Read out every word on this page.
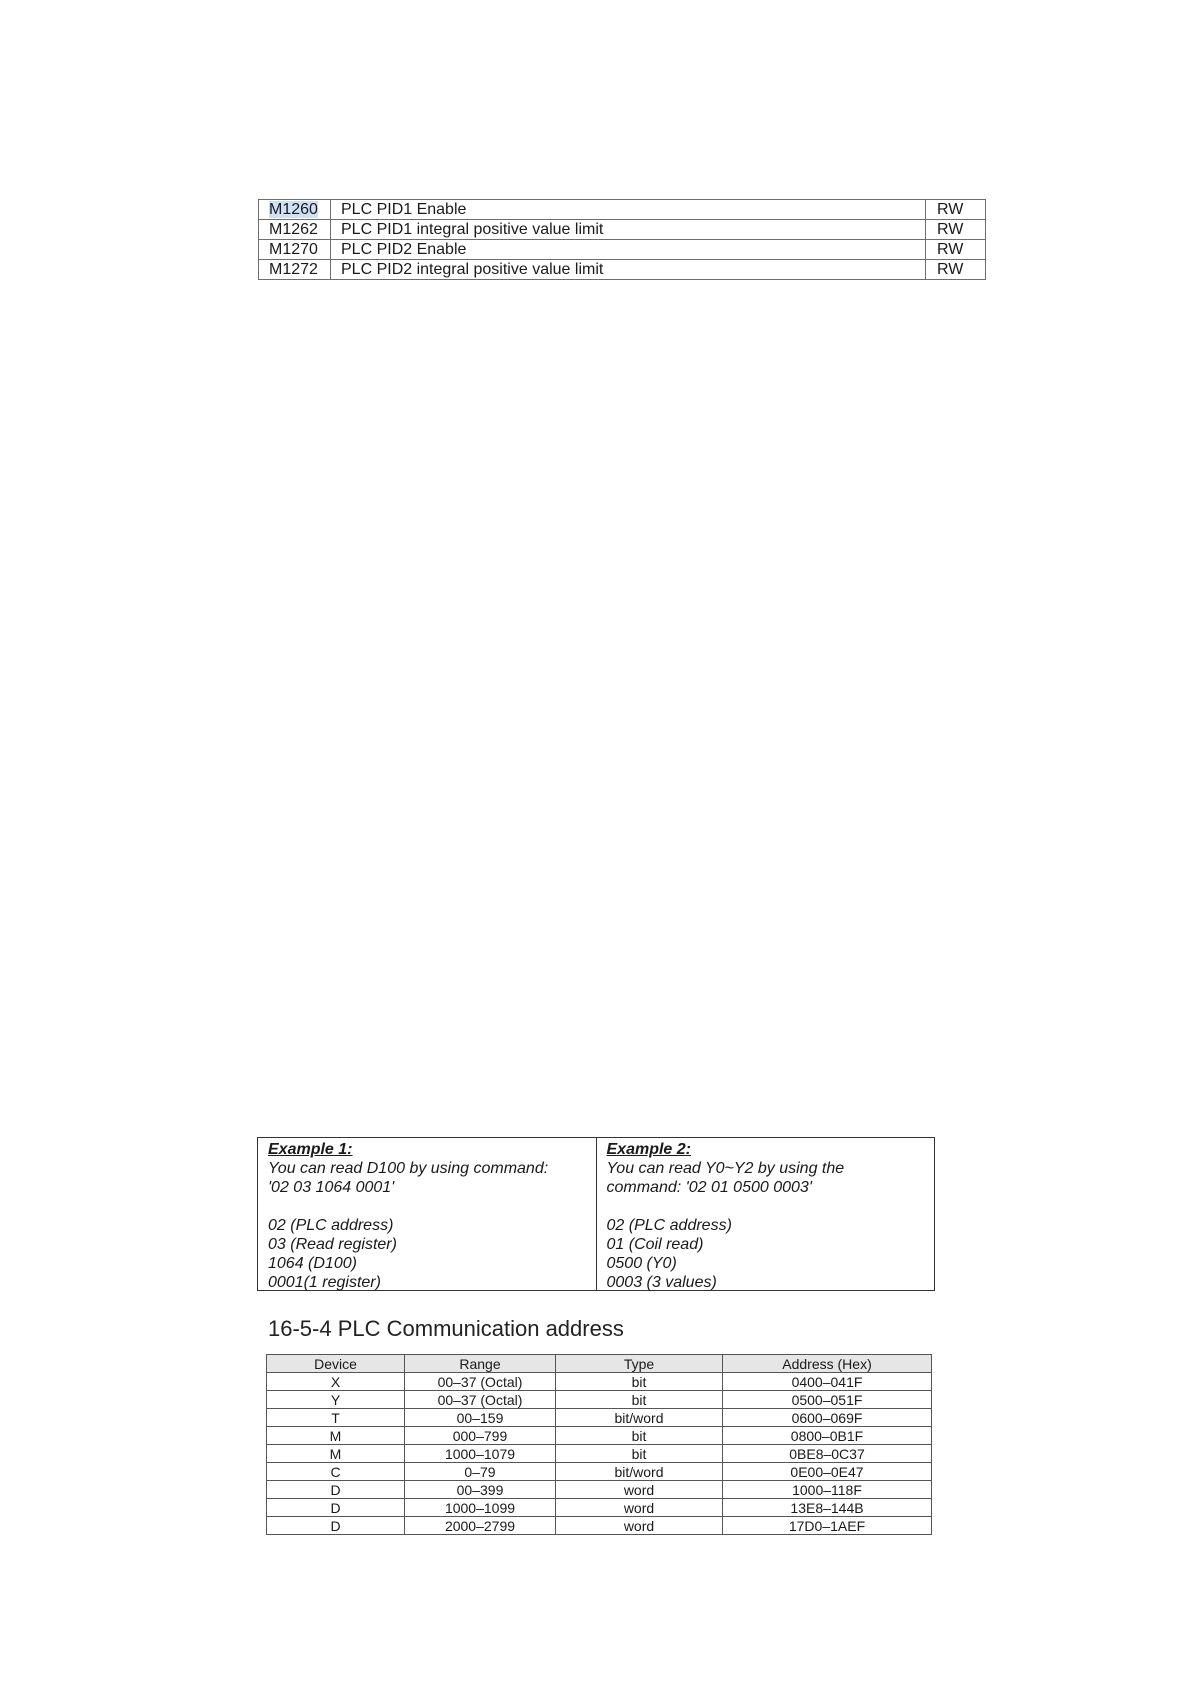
M1260	PLC PID1 Enable	RW
M1262	PLC PID1 integral positive value limit	RW
M1270	PLC PID2 Enable	RW
M1272	PLC PID2 integral positive value limit	RW
Example 1:
You can read D100 by using command:
'02 03 1064 0001'
02 (PLC address)
03 (Read register)
1064 (D100)
0001(1 register)
Example 2:
You can read Y0~Y2 by using the
command: '02 01 0500 0003'
02 (PLC address)
01 (Coil read)
0500 (Y0)
0003 (3 values)
16-5-4 PLC Communication address
Device	Range	Type	Address (Hex)
X	00–37 (Octal)	bit	0400–041F
Y	00–37 (Octal)	bit	0500–051F
T	00–159	bit/word	0600–069F
M	000–799	bit	0800–0B1F
M	1000–1079	bit	0BE8–0C37
C	0–79	bit/word	0E00–0E47
D	00–399	word	1000–118F
D	1000–1099	word	13E8–144B
D	2000–2799	word	17D0–1AEF
